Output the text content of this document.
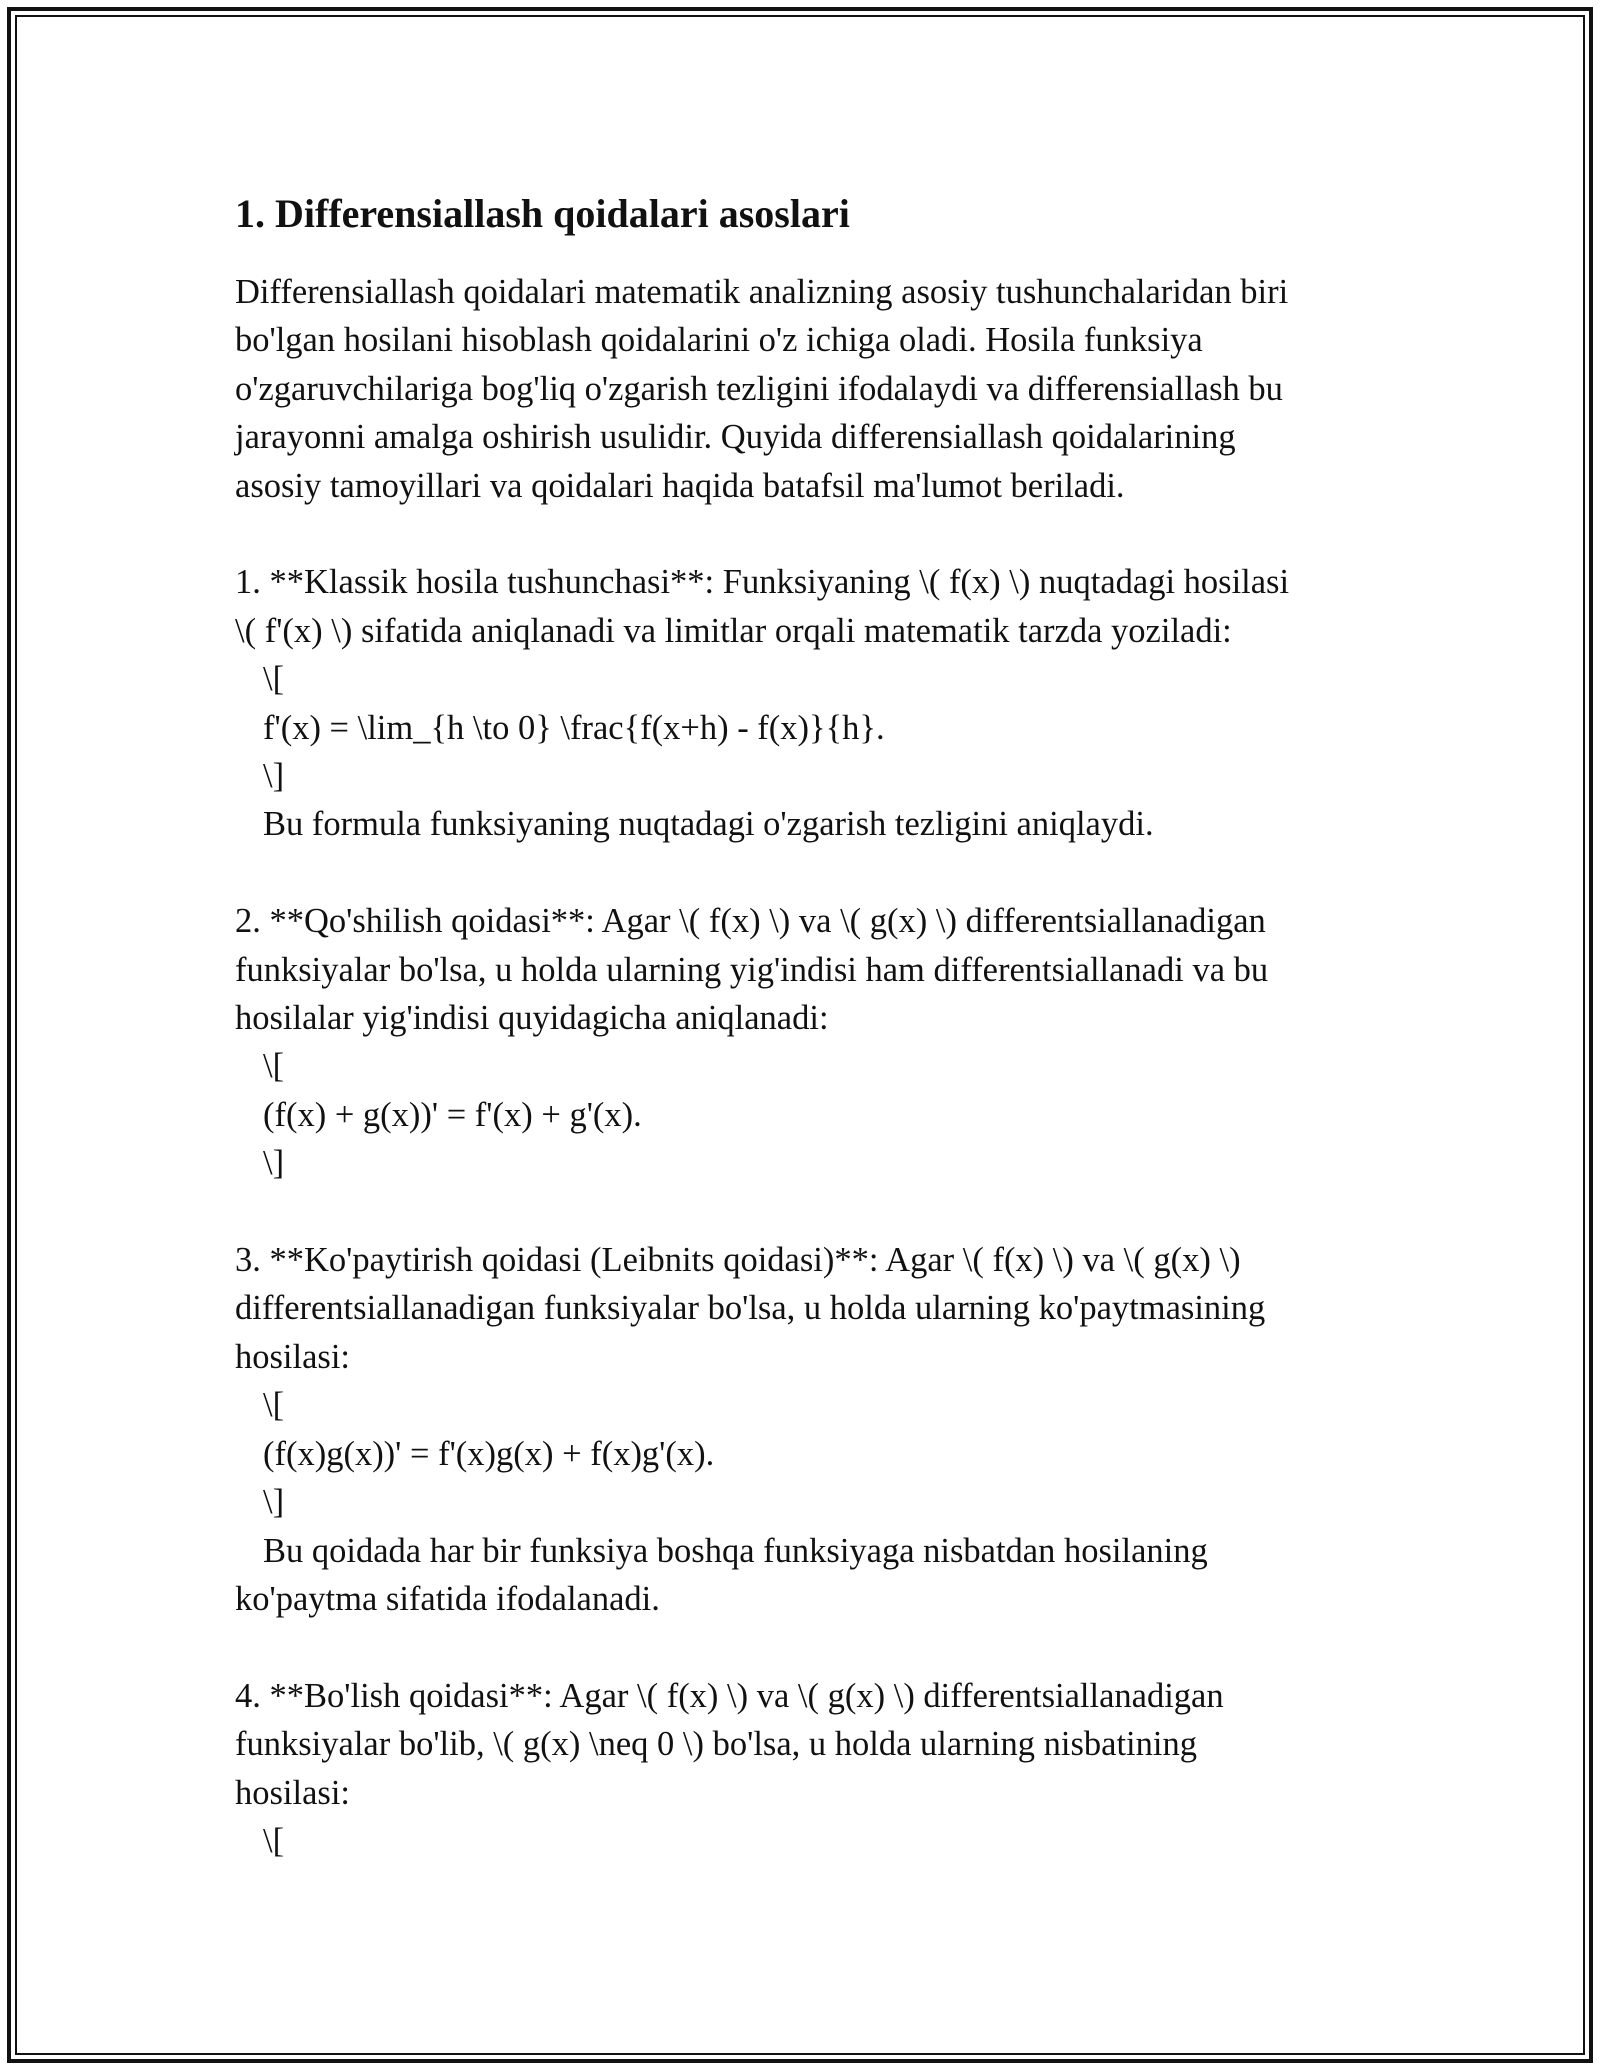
1. Differensiallash qoidalari asoslari
Differensiallash qoidalari matematik analizning asosiy tushunchalaridan biri
bo'lgan hosilani hisoblash qoidalarini o'z ichiga oladi. Hosila funksiya
o'zgaruvchilariga bog'liq o'zgarish tezligini ifodalaydi va differensiallash bu
jarayonni amalga oshirish usulidir. Quyida differensiallash qoidalarining
asosiy tamoyillari va qoidalari haqida batafsil ma'lumot beriladi.
1. **Klassik hosila tushunchasi**: Funksiyaning \( f(x) \) nuqtadagi hosilasi
\( f'(x) \) sifatida aniqlanadi va limitlar orqali matematik tarzda yoziladi:
\[
f'(x) = \lim_{h \to 0} \frac{f(x+h) - f(x)}{h}.
\]
Bu formula funksiyaning nuqtadagi o'zgarish tezligini aniqlaydi.
2. **Qo'shilish qoidasi**: Agar \( f(x) \) va \( g(x) \) differentsiallanadigan
funksiyalar bo'lsa, u holda ularning yig'indisi ham differentsiallanadi va bu
hosilalar yig'indisi quyidagicha aniqlanadi:
\[
(f(x) + g(x))' = f'(x) + g'(x).
\]
3. **Ko'paytirish qoidasi (Leibnits qoidasi)**: Agar \( f(x) \) va \( g(x) \)
differentsiallanadigan funksiyalar bo'lsa, u holda ularning ko'paytmasining
hosilasi:
\[
(f(x)g(x))' = f'(x)g(x) + f(x)g'(x).
\]
Bu qoidada har bir funksiya boshqa funksiyaga nisbatdan hosilaning
ko'paytma sifatida ifodalanadi.
4. **Bo'lish qoidasi**: Agar \( f(x) \) va \( g(x) \) differentsiallanadigan
funksiyalar bo'lib, \( g(x) \neq 0 \) bo'lsa, u holda ularning nisbatining
hosilasi:
\[
